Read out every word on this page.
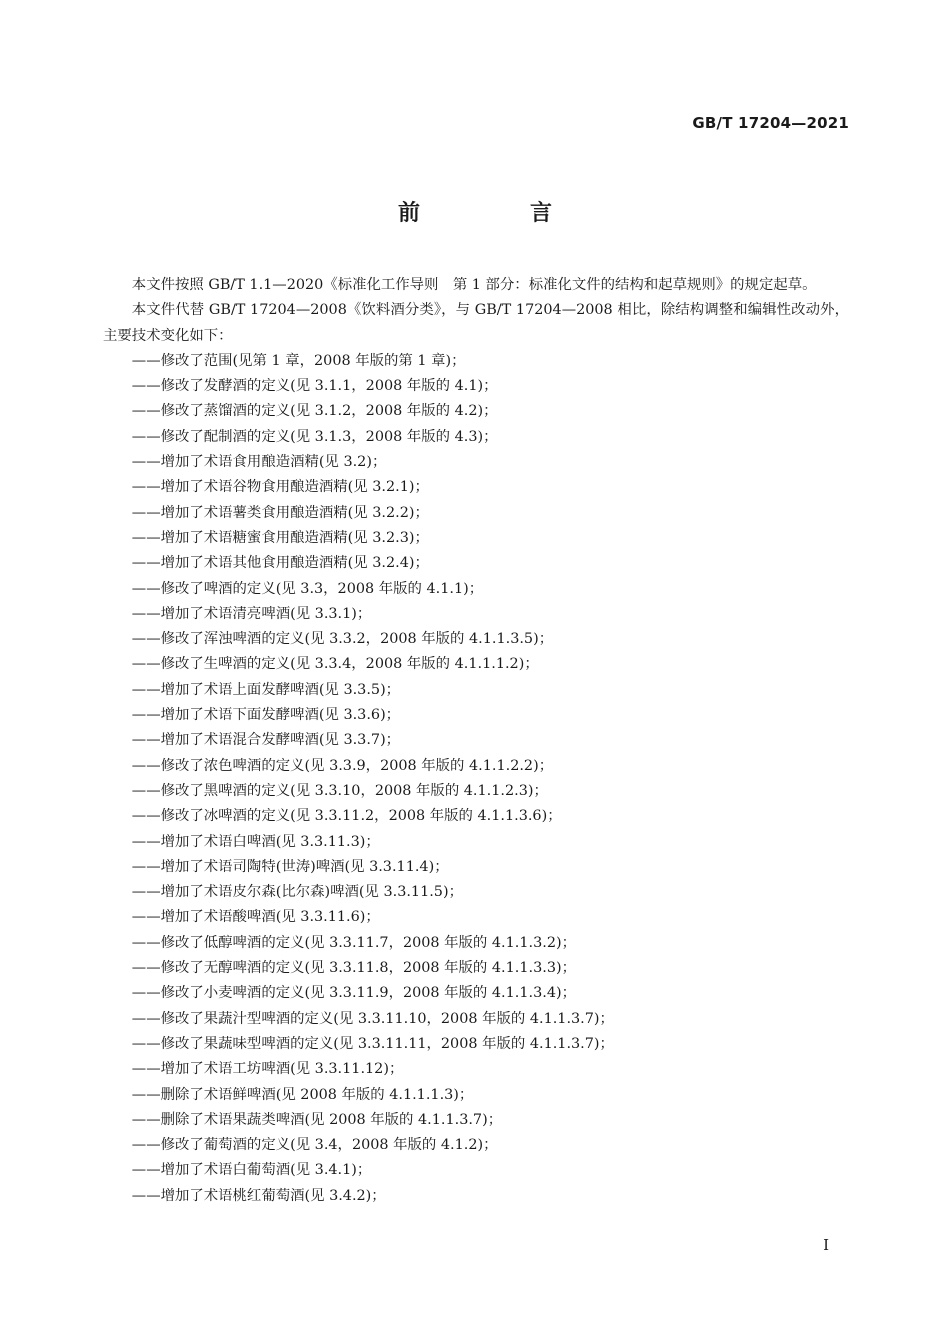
GB/T 17204—2021
前　言

本文件按照 GB/T 1.1—2020《标准化工作导则　第 1 部分：标准化文件的结构和起草规则》的规定起草。

本文件代替 GB/T 17204—2008《饮料酒分类》，与 GB/T 17204—2008 相比，除结构调整和编辑性改动外，主要技术变化如下：

——修改了范围(见第 1 章，2008 年版的第 1 章)；
——修改了发酵酒的定义(见 3.1.1，2008 年版的 4.1)；
——修改了蒸馏酒的定义(见 3.1.2，2008 年版的 4.2)；
——修改了配制酒的定义(见 3.1.3，2008 年版的 4.3)；
——增加了术语食用酿造酒精(见 3.2)；
——增加了术语谷物食用酿造酒精(见 3.2.1)；
——增加了术语薯类食用酿造酒精(见 3.2.2)；
——增加了术语糖蜜食用酿造酒精(见 3.2.3)；
——增加了术语其他食用酿造酒精(见 3.2.4)；
——修改了啤酒的定义(见 3.3，2008 年版的 4.1.1)；
——增加了术语清亮啤酒(见 3.3.1)；
——修改了浑浊啤酒的定义(见 3.3.2，2008 年版的 4.1.1.3.5)；
——修改了生啤酒的定义(见 3.3.4，2008 年版的 4.1.1.1.2)；
——增加了术语上面发酵啤酒(见 3.3.5)；
——增加了术语下面发酵啤酒(见 3.3.6)；
——增加了术语混合发酵啤酒(见 3.3.7)；
——修改了浓色啤酒的定义(见 3.3.9，2008 年版的 4.1.1.2.2)；
——修改了黑啤酒的定义(见 3.3.10，2008 年版的 4.1.1.2.3)；
——修改了冰啤酒的定义(见 3.3.11.2，2008 年版的 4.1.1.3.6)；
——增加了术语白啤酒(见 3.3.11.3)；
——增加了术语司陶特(世涛)啤酒(见 3.3.11.4)；
——增加了术语皮尔森(比尔森)啤酒(见 3.3.11.5)；
——增加了术语酸啤酒(见 3.3.11.6)；
——修改了低醇啤酒的定义(见 3.3.11.7，2008 年版的 4.1.1.3.2)；
——修改了无醇啤酒的定义(见 3.3.11.8，2008 年版的 4.1.1.3.3)；
——修改了小麦啤酒的定义(见 3.3.11.9，2008 年版的 4.1.1.3.4)；
——修改了果蔬汁型啤酒的定义(见 3.3.11.10，2008 年版的 4.1.1.3.7)；
——修改了果蔬味型啤酒的定义(见 3.3.11.11，2008 年版的 4.1.1.3.7)；
——增加了术语工坊啤酒(见 3.3.11.12)；
——删除了术语鲜啤酒(见 2008 年版的 4.1.1.1.3)；
——删除了术语果蔬类啤酒(见 2008 年版的 4.1.1.3.7)；
——修改了葡萄酒的定义(见 3.4，2008 年版的 4.1.2)；
——增加了术语白葡萄酒(见 3.4.1)；
——增加了术语桃红葡萄酒(见 3.4.2)；
I
